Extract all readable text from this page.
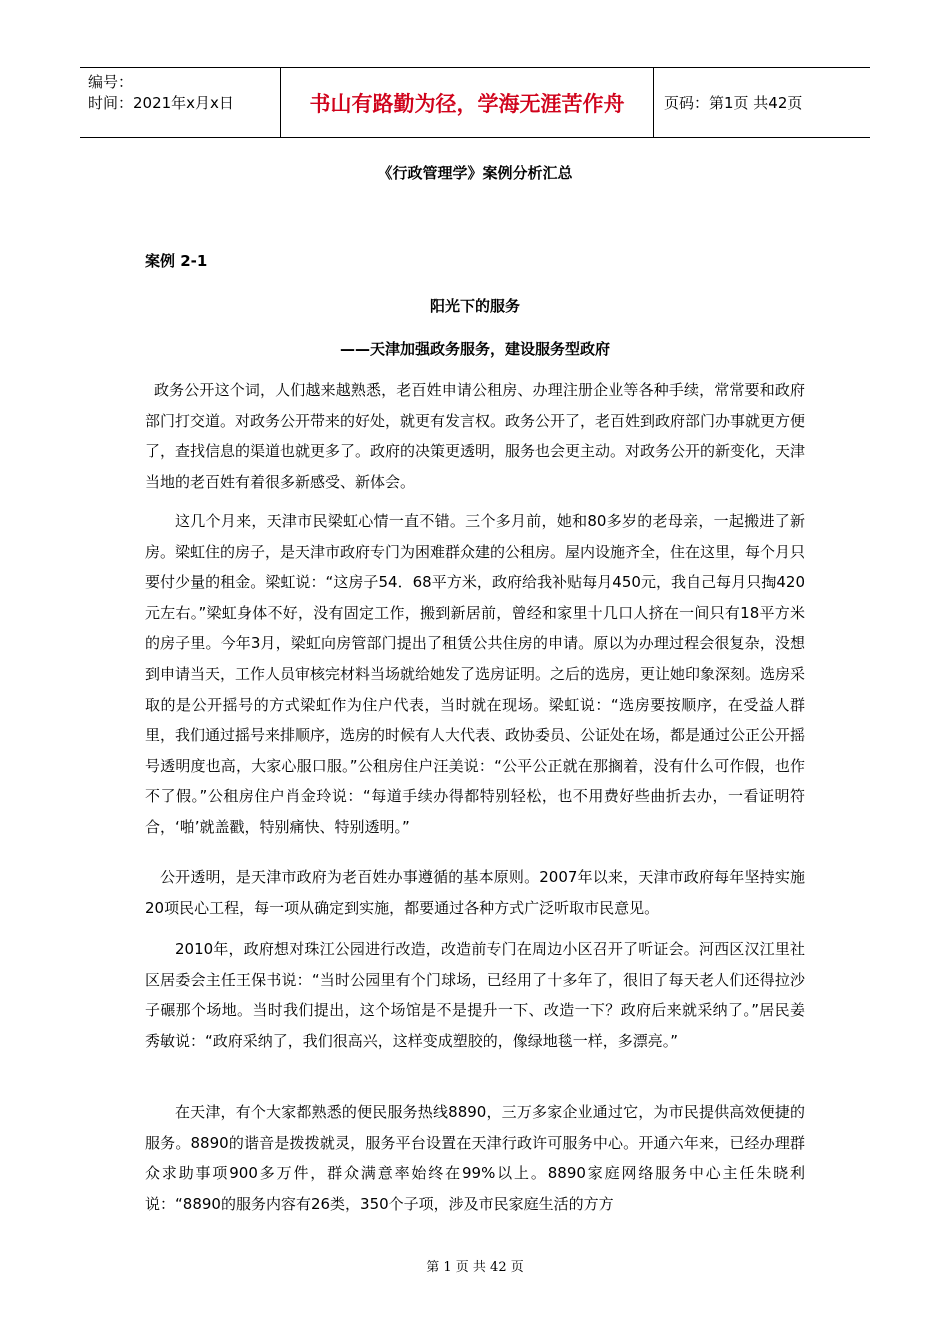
编号：
时间：2021年x月x日	书山有路勤为径，学海无涯苦作舟	页码：第1页 共42页
《行政管理学》案例分析汇总
案例 2-1
阳光下的服务
——天津加强政务服务，建设服务型政府

政务公开这个词，人们越来越熟悉，老百姓申请公租房、办理注册企业等各种手续，常常要和政府部门打交道。对政务公开带来的好处，就更有发言权。政务公开了，老百姓到政府部门办事就更方便了，查找信息的渠道也就更多了。政府的决策更透明，服务也会更主动。对政务公开的新变化，天津当地的老百姓有着很多新感受、新体会。

这几个月来，天津市民梁虹心情一直不错。三个多月前，她和80多岁的老母亲，一起搬进了新房。梁虹住的房子，是天津市政府专门为困难群众建的公租房。屋内设施齐全，住在这里，每个月只要付少量的租金。梁虹说：“这房子54．68平方米，政府给我补贴每月450元，我自己每月只掏420元左右。”梁虹身体不好，没有固定工作，搬到新居前，曾经和家里十几口人挤在一间只有18平方米的房子里。今年3月，梁虹向房管部门提出了租赁公共住房的申请。原以为办理过程会很复杂，没想到申请当天，工作人员审核完材料当场就给她发了选房证明。之后的选房，更让她印象深刻。选房采取的是公开摇号的方式梁虹作为住户代表，当时就在现场。梁虹说：“选房要按顺序，在受益人群里，我们通过摇号来排顺序，选房的时候有人大代表、政协委员、公证处在场，都是通过公正公开摇号透明度也高，大家心服口服。”公租房住户汪美说：“公平公正就在那搁着，没有什么可作假，也作不了假。”公租房住户肖金玲说：“每道手续办得都特别轻松，也不用费好些曲折去办，一看证明符合，‘啪’就盖戳，特别痛快、特别透明。”

公开透明，是天津市政府为老百姓办事遵循的基本原则。2007年以来，天津市政府每年坚持实施20项民心工程，每一项从确定到实施，都要通过各种方式广泛听取市民意见。

2010年，政府想对珠江公园进行改造，改造前专门在周边小区召开了听证会。河西区汉江里社区居委会主任王保书说：“当时公园里有个门球场，已经用了十多年了，很旧了每天老人们还得拉沙子碾那个场地。当时我们提出，这个场馆是不是提升一下、改造一下？政府后来就采纳了。”居民姜秀敏说：“政府采纳了，我们很高兴，这样变成塑胶的，像绿地毯一样，多漂亮。”

在天津，有个大家都熟悉的便民服务热线8890，三万多家企业通过它，为市民提供高效便捷的服务。8890的谐音是拨拨就灵，服务平台设置在天津行政许可服务中心。开通六年来，已经办理群众求助事项900多万件，群众满意率始终在99%以上。8890家庭网络服务中心主任朱晓利说：“8890的服务内容有26类，350个子项，涉及市民家庭生活的方方

第 1 页 共 42 页
